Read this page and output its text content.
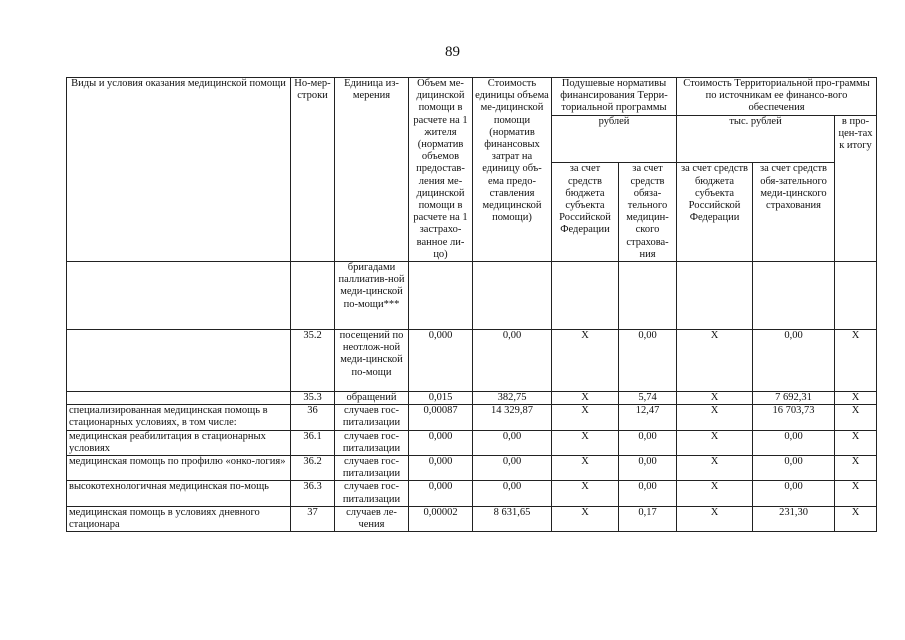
89
Виды и условия оказания медицинской помощи	Но-мер-строки	Единица из-мерения	Объем ме-дицинской помощи в расчете на 1 жителя (норматив объемов предостав-ления ме-дицинской помощи в расчете на 1 застрахо-ванное ли-цо)	Стоимость единицы объема ме-дицинской помощи (норматив финансовых затрат на единицу объ-ема предо-ставления медицинской помощи)	Подушевые нормативы финансирования Терри-ториальной программы		Стоимость Территориальной про-граммы по источникам ее финансо-вого обеспечения		
					рублей		тыс. рублей		в про-цен-тах к итогу
					за счет средств бюджета субъекта Российской Федерации	за счет средств обяза-тельного медицин-ского страхова-ния	за счет средств бюджета субъекта Российской Федерации	за счет средств обя-зательного меди-цинского страхования	
		бригадами паллиатив-ной меди-цинской по-мощи***							
	35.2	посещений по неотлож-ной меди-цинской по-мощи	0,000	0,00	X	0,00	X	0,00	X
	35.3	обращений	0,015	382,75	X	5,74	X	7 692,31	X
специализированная медицинская помощь в стационарных условиях, в том числе:	36	случаев гос-питализации	0,00087	14 329,87	X	12,47	X	16 703,73	X
медицинская реабилитация в стационарных условиях	36.1	случаев гос-питализации	0,000	0,00	X	0,00	X	0,00	X
медицинская помощь по профилю «онко-логия»	36.2	случаев гос-питализации	0,000	0,00	X	0,00	X	0,00	X
высокотехнологичная медицинская по-мощь	36.3	случаев гос-питализации	0,000	0,00	X	0,00	X	0,00	X
медицинская помощь в условиях дневного стационара	37	случаев ле-чения	0,00002	8 631,65	X	0,17	X	231,30	X
